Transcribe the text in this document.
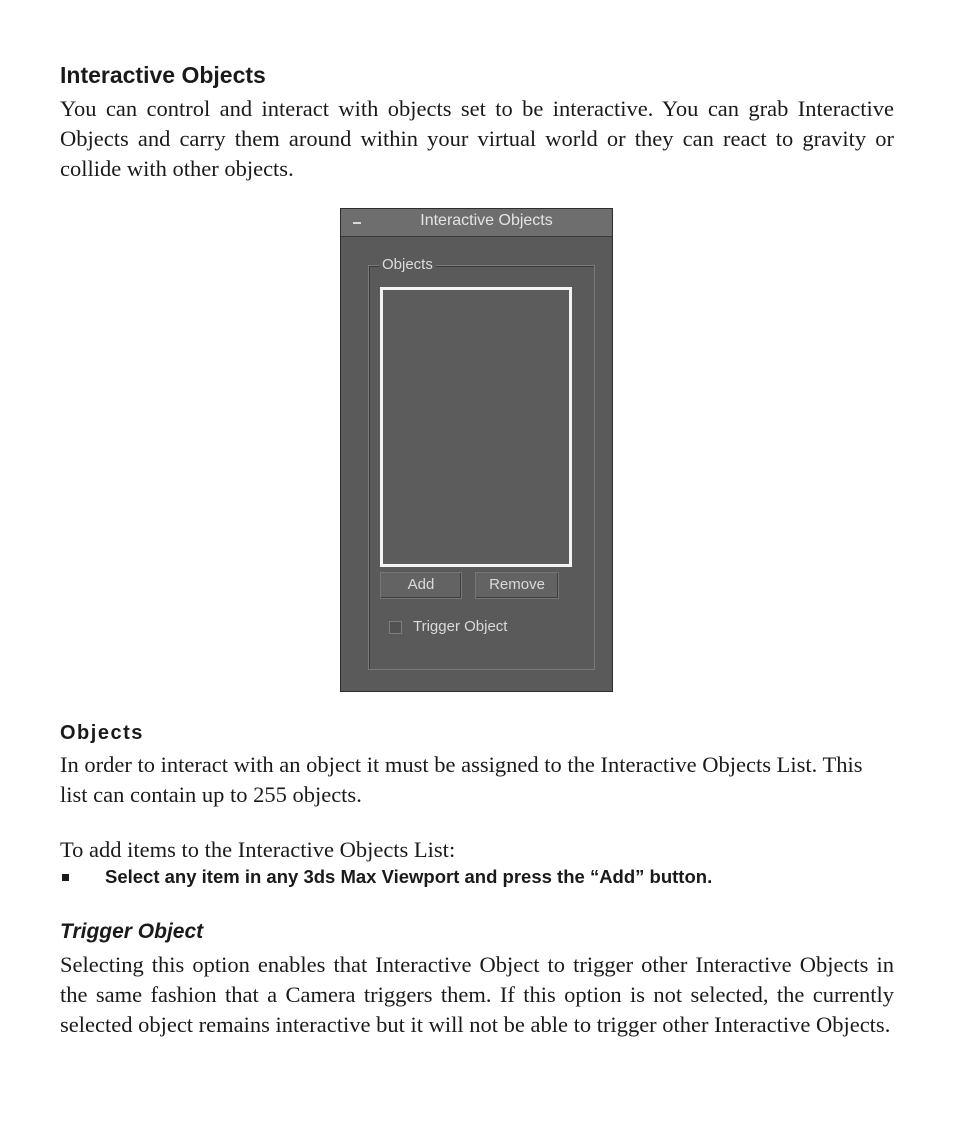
Interactive Objects

You can control and interact with objects set to be interactive. You can grab Interactive Objects and carry them around within your virtual world or they can react to gravity or collide with other objects.

Interactive Objects
Objects
Add	Remove
Trigger Object
Objects

In order to interact with an object it must be assigned to the Interactive Objects List. This list can contain up to 255 objects.

To add items to the Interactive Objects List:

Select any item in any 3ds Max Viewport and press the “Add” button.
Trigger Object

Selecting this option enables that Interactive Object to trigger other Interactive Objects in the same fashion that a Camera triggers them. If this option is not selected, the currently selected object remains interactive but it will not be able to trigger other Interactive Objects.
